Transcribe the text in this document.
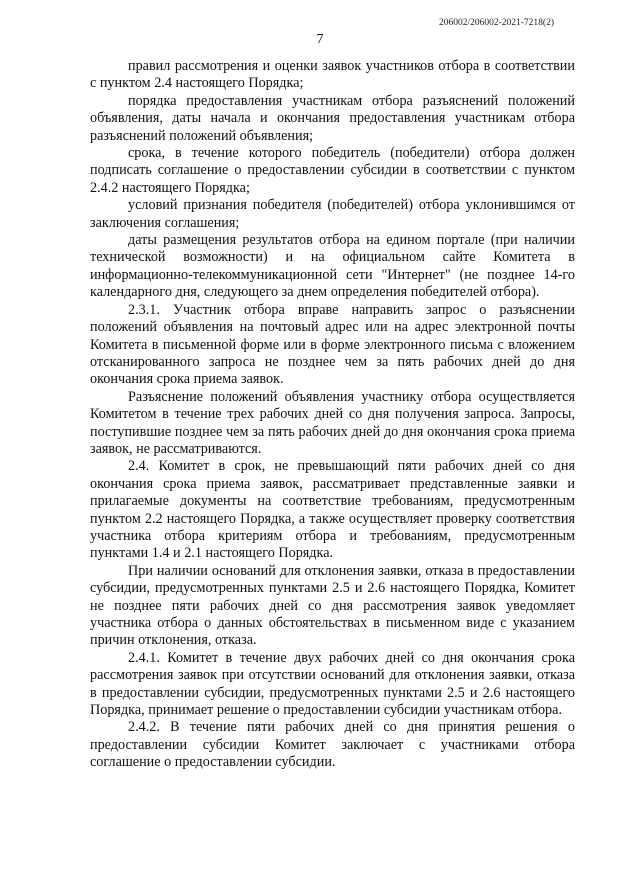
206002/206002-2021-7218(2)
7

правил рассмотрения и оценки заявок участников отбора в соответствии с пунктом 2.4 настоящего Порядка;

порядка предоставления участникам отбора разъяснений положений объявления, даты начала и окончания предоставления участникам отбора разъяснений положений объявления;

срока, в течение которого победитель (победители) отбора должен подписать соглашение о предоставлении субсидии в соответствии с пунктом 2.4.2 настоящего Порядка;

условий признания победителя (победителей) отбора уклонившимся от заключения соглашения;

даты размещения результатов отбора на едином портале (при наличии технической возможности) и на официальном сайте Комитета в информационно-телекоммуникационной сети "Интернет" (не позднее 14-го календарного дня, следующего за днем определения победителей отбора).

2.3.1. Участник отбора вправе направить запрос о разъяснении положений объявления на почтовый адрес или на адрес электронной почты Комитета в письменной форме или в форме электронного письма с вложением отсканированного запроса не позднее чем за пять рабочих дней до дня окончания срока приема заявок.

Разъяснение положений объявления участнику отбора осуществляется Комитетом в течение трех рабочих дней со дня получения запроса. Запросы, поступившие позднее чем за пять рабочих дней до дня окончания срока приема заявок, не рассматриваются.

2.4. Комитет в срок, не превышающий пяти рабочих дней со дня окончания срока приема заявок, рассматривает представленные заявки и прилагаемые документы на соответствие требованиям, предусмотренным пунктом 2.2 настоящего Порядка, а также осуществляет проверку соответствия участника отбора критериям отбора и требованиям, предусмотренным пунктами 1.4 и 2.1 настоящего Порядка.

При наличии оснований для отклонения заявки, отказа в предоставлении субсидии, предусмотренных пунктами 2.5 и 2.6 настоящего Порядка, Комитет не позднее пяти рабочих дней со дня рассмотрения заявок уведомляет участника отбора о данных обстоятельствах в письменном виде с указанием причин отклонения, отказа.

2.4.1. Комитет в течение двух рабочих дней со дня окончания срока рассмотрения заявок при отсутствии оснований для отклонения заявки, отказа в предоставлении субсидии, предусмотренных пунктами 2.5 и 2.6 настоящего Порядка, принимает решение о предоставлении субсидии участникам отбора.

2.4.2. В течение пяти рабочих дней со дня принятия решения о предоставлении субсидии Комитет заключает с участниками отбора соглашение о предоставлении субсидии.
